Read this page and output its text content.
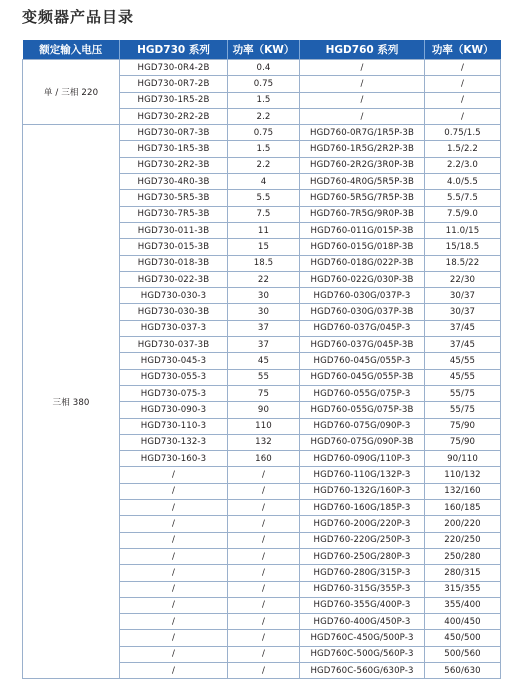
变频器产品目录
额定输入电压	HGD730 系列	功率（KW）	HGD760 系列	功率（KW）
单 / 三相 220	HGD730-0R4-2B	0.4	/	/
	HGD730-0R7-2B	0.75	/	/
	HGD730-1R5-2B	1.5	/	/
	HGD730-2R2-2B	2.2	/	/
三相 380	HGD730-0R7-3B	0.75	HGD760-0R7G/1R5P-3B	0.75/1.5
	HGD730-1R5-3B	1.5	HGD760-1R5G/2R2P-3B	1.5/2.2
	HGD730-2R2-3B	2.2	HGD760-2R2G/3R0P-3B	2.2/3.0
	HGD730-4R0-3B	4	HGD760-4R0G/5R5P-3B	4.0/5.5
	HGD730-5R5-3B	5.5	HGD760-5R5G/7R5P-3B	5.5/7.5
	HGD730-7R5-3B	7.5	HGD760-7R5G/9R0P-3B	7.5/9.0
	HGD730-011-3B	11	HGD760-011G/015P-3B	11.0/15
	HGD730-015-3B	15	HGD760-015G/018P-3B	15/18.5
	HGD730-018-3B	18.5	HGD760-018G/022P-3B	18.5/22
	HGD730-022-3B	22	HGD760-022G/030P-3B	22/30
	HGD730-030-3	30	HGD760-030G/037P-3	30/37
	HGD730-030-3B	30	HGD760-030G/037P-3B	30/37
	HGD730-037-3	37	HGD760-037G/045P-3	37/45
	HGD730-037-3B	37	HGD760-037G/045P-3B	37/45
	HGD730-045-3	45	HGD760-045G/055P-3	45/55
	HGD730-055-3	55	HGD760-045G/055P-3B	45/55
	HGD730-075-3	75	HGD760-055G/075P-3	55/75
	HGD730-090-3	90	HGD760-055G/075P-3B	55/75
	HGD730-110-3	110	HGD760-075G/090P-3	75/90
	HGD730-132-3	132	HGD760-075G/090P-3B	75/90
	HGD730-160-3	160	HGD760-090G/110P-3	90/110
	/	/	HGD760-110G/132P-3	110/132
	/	/	HGD760-132G/160P-3	132/160
	/	/	HGD760-160G/185P-3	160/185
	/	/	HGD760-200G/220P-3	200/220
	/	/	HGD760-220G/250P-3	220/250
	/	/	HGD760-250G/280P-3	250/280
	/	/	HGD760-280G/315P-3	280/315
	/	/	HGD760-315G/355P-3	315/355
	/	/	HGD760-355G/400P-3	355/400
	/	/	HGD760-400G/450P-3	400/450
	/	/	HGD760C-450G/500P-3	450/500
	/	/	HGD760C-500G/560P-3	500/560
	/	/	HGD760C-560G/630P-3	560/630
